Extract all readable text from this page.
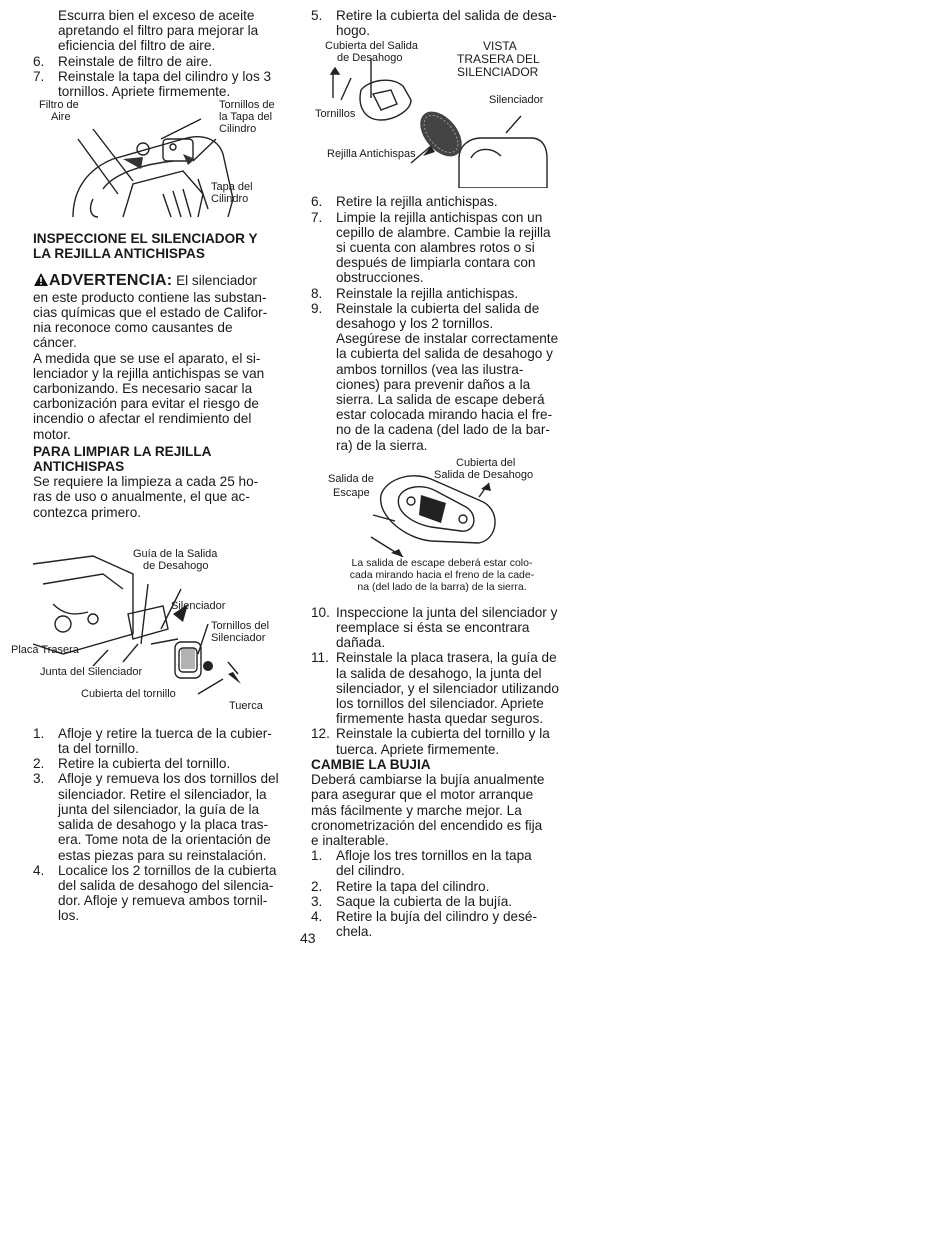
Escurra bien el exceso de aceite
apretando el filtro para mejorar la
eficiencia del filtro de aire.
6.	Reinstale de filtro de aire.
7.	Reinstale la tapa del cilindro y los 3
tornillos. Apriete firmemente.
Filtro de
Aire
Tornillos de
la Tapa del
Cilindro
Tapa del
Cilindro
INSPECCIONE EL SILENCIADOR Y
LA REJILLA ANTICHISPAS

ADVERTENCIA: El silenciador
en este producto contiene las substan-
cias químicas que el estado de Califor-
nia reconoce como causantes de
cáncer.

A medida que se use el aparato, el si-
lenciador y la rejilla antichispas se van
carbonizando. Es necesario sacar la
carbonización para evitar el riesgo de
incendio o afectar el rendimiento del
motor.

PARA LIMPIAR LA REJILLA
ANTICHISPAS

Se requiere la limpieza a cada 25 ho-
ras de uso o anualmente, el que ac-
contezca primero.

Guía de la Salida
de Desahogo
Silenciador
Tornillos del
Silenciador
Placa Trasera
Junta del Silenciador
Cubierta del tornillo
Tuerca
1.	Afloje y retire la tuerca de la cubier-
ta del tornillo.
2.	Retire la cubierta del tornillo.
3.	Afloje y remueva los dos tornillos del
silenciador. Retire el silenciador, la
junta del silenciador, la guía de la
salida de desahogo y la placa tras-
era. Tome nota de la orientación de
estas piezas para su reinstalación.
4.	Localice los 2 tornillos de la cubierta
del salida de desahogo del silencia-
dor. Afloje y remueva ambos tornil-
los.
5.	Retire la cubierta del salida de desa-
hogo.
Cubierta del Salida
de Desahogo
VISTA
TRASERA DEL
SILENCIADOR
Silenciador
Tornillos
Rejilla Antichispas
6.	Retire la rejilla antichispas.
7.	Limpie la rejilla antichispas con un
cepillo de alambre. Cambie la rejilla
si cuenta con alambres rotos o si
después de limpiarla contara con
obstrucciones.
8.	Reinstale la rejilla antichispas.
9.	Reinstale la cubierta del salida de
desahogo y los 2 tornillos.
Asegúrese de instalar correctamente
la cubierta del salida de desahogo y
ambos tornillos (vea las ilustra-
ciones) para prevenir daños a la
sierra. La salida de escape deberá
estar colocada mirando hacia el fre-
no de la cadena (del lado de la bar-
ra) de la sierra.
Cubierta del
Salida de Desahogo
Salida de
Escape
La salida de escape deberá estar colo-
cada mirando hacia el freno de la cade-
na (del lado de la barra) de la sierra.
10. Inspeccione la junta del silenciador y
reemplace si ésta se encontrara
dañada.
11. Reinstale la placa trasera, la guía de
la salida de desahogo, la junta del
silenciador, y el silenciador utilizando
los tornillos del silenciador. Apriete
firmemente hasta quedar seguros.
12. Reinstale la cubierta del tornillo y la
tuerca. Apriete firmemente.
CAMBIE LA BUJIA

Deberá cambiarse la bujía anualmente
para asegurar que el motor arranque
más fácilmente y marche mejor. La
cronometrización del encendido es fija
e inalterable.

1.	Afloje los tres tornillos en la tapa
del cilindro.
2.	Retire la tapa del cilindro.
3.	Saque la cubierta de la bujía.
4.	Retire la bujía del cilindro y desé-
chela.
43
